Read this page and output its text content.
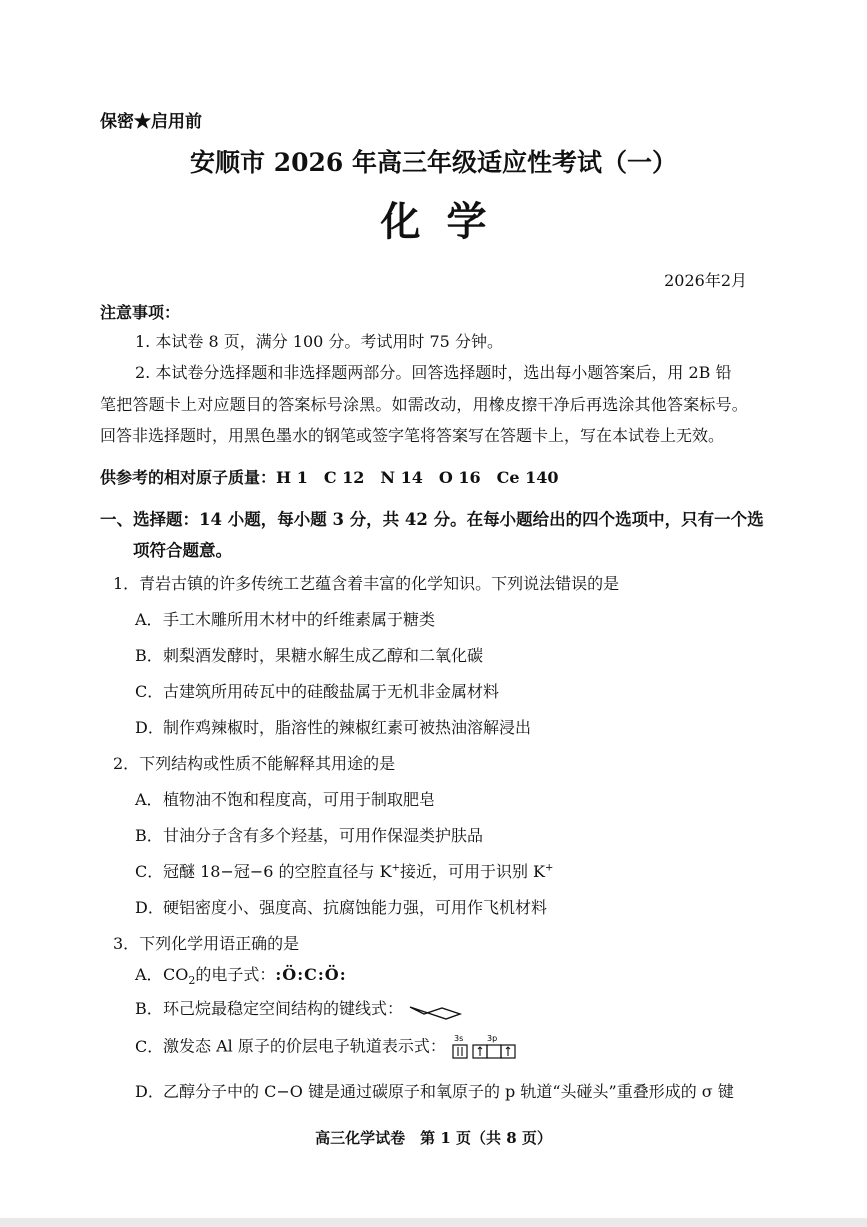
保密★启用前
安顺市 2026 年高三年级适应性考试（一）
化学
2026年2月
注意事项：
1. 本试卷 8 页，满分 100 分。考试用时 75 分钟。
2. 本试卷分选择题和非选择题两部分。回答选择题时，选出每小题答案后，用 2B 铅
笔把答题卡上对应题目的答案标号涂黑。如需改动，用橡皮擦干净后再选涂其他答案标号。
回答非选择题时，用黑色墨水的钢笔或签字笔将答案写在答题卡上，写在本试卷上无效。
供参考的相对原子质量：H 1　C 12　N 14　O 16　Ce 140
一、选择题：14 小题，每小题 3 分，共 42 分。在每小题给出的四个选项中，只有一个选
项符合题意。
1．青岩古镇的许多传统工艺蕴含着丰富的化学知识。下列说法错误的是
A．手工木雕所用木材中的纤维素属于糖类
B．刺梨酒发酵时，果糖水解生成乙醇和二氧化碳
C．古建筑所用砖瓦中的硅酸盐属于无机非金属材料
D．制作鸡辣椒时，脂溶性的辣椒红素可被热油溶解浸出
2．下列结构或性质不能解释其用途的是
A．植物油不饱和程度高，可用于制取肥皂
B．甘油分子含有多个羟基，可用作保湿类护肤品
C．冠醚 18−冠−6 的空腔直径与 K+接近，可用于识别 K+
D．硬铝密度小、强度高、抗腐蚀能力强，可用作飞机材料
3．下列化学用语正确的是
A．$CO_2$的电子式：:Ö:C:Ö:
B．环己烷最稳定空间结构的键线式：
C．激发态 Al 原子的价层电子轨道表示式： 3s	3p
D．乙醇分子中的 C−O 键是通过碳原子和氧原子的 p 轨道“头碰头”重叠形成的 σ 键
高三化学试卷　第 1 页（共 8 页）
